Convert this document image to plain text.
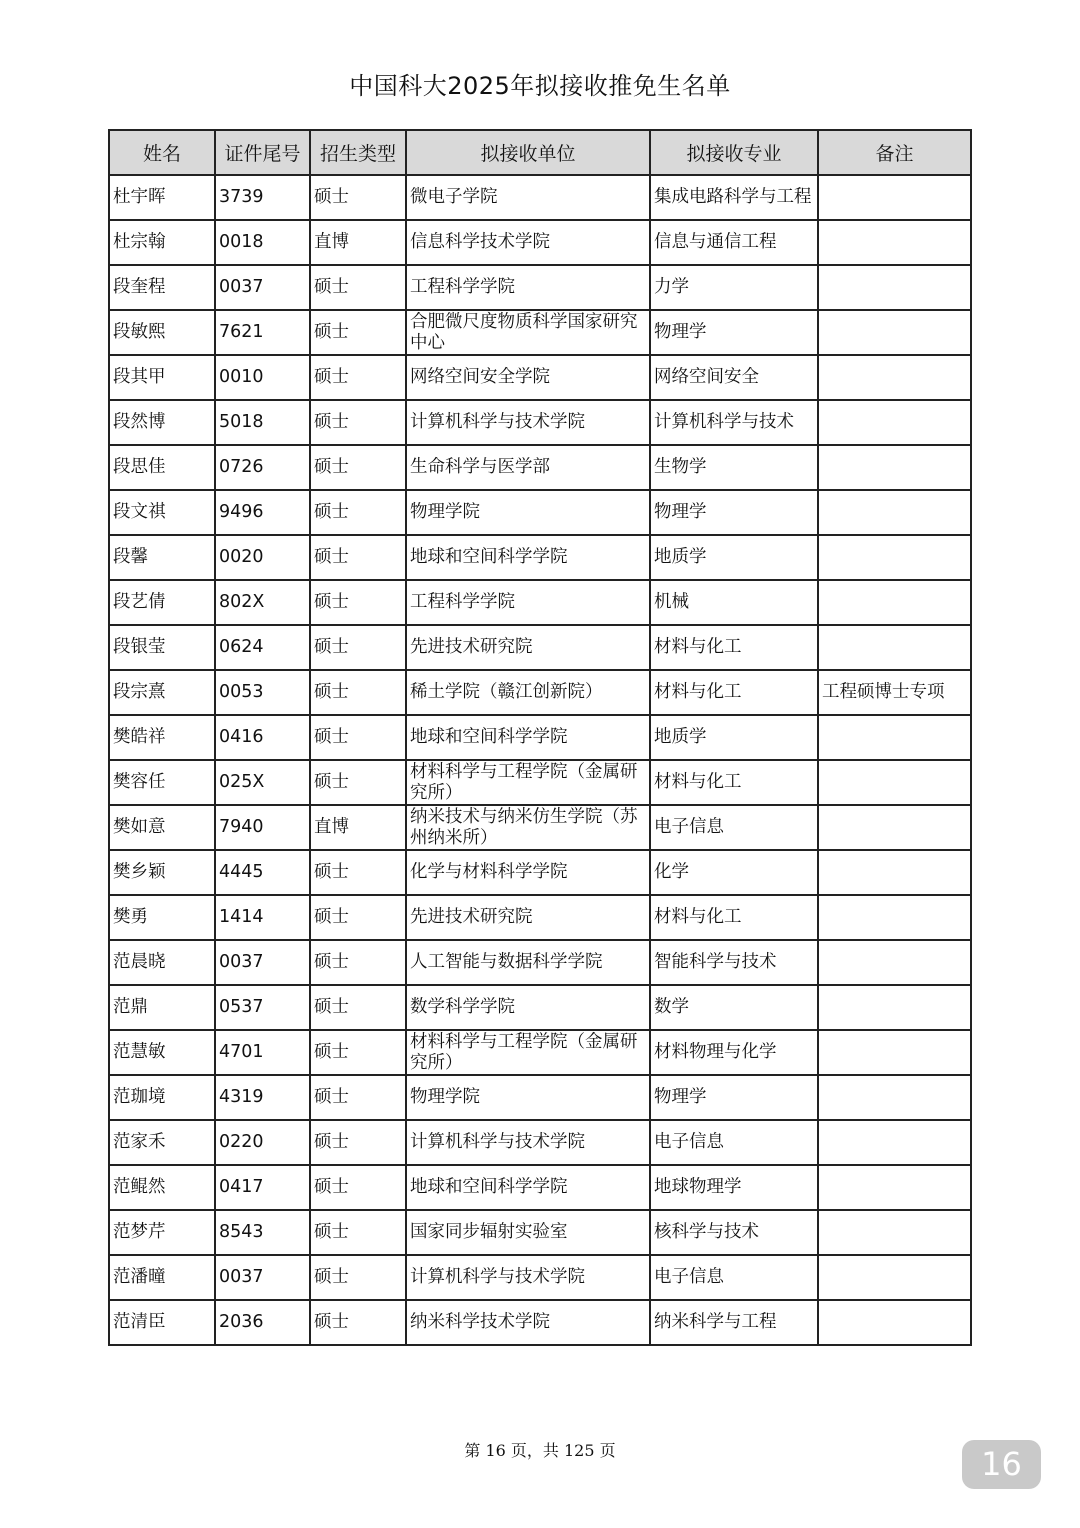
中国科大2025年拟接收推免生名单
姓名	证件尾号	招生类型	拟接收单位	拟接收专业	备注
杜宇晖	3739	硕士	微电子学院	集成电路科学与工程	
杜宗翰	0018	直博	信息科学技术学院	信息与通信工程	
段奎程	0037	硕士	工程科学学院	力学	
段敏熙	7621	硕士	合肥微尺度物质科学国家研究中心	物理学	
段其甲	0010	硕士	网络空间安全学院	网络空间安全	
段然博	5018	硕士	计算机科学与技术学院	计算机科学与技术	
段思佳	0726	硕士	生命科学与医学部	生物学	
段文祺	9496	硕士	物理学院	物理学	
段馨	0020	硕士	地球和空间科学学院	地质学	
段艺倩	802X	硕士	工程科学学院	机械	
段银莹	0624	硕士	先进技术研究院	材料与化工	
段宗熹	0053	硕士	稀土学院（赣江创新院）	材料与化工	工程硕博士专项
樊皓祥	0416	硕士	地球和空间科学学院	地质学	
樊容任	025X	硕士	材料科学与工程学院（金属研究所）	材料与化工	
樊如意	7940	直博	纳米技术与纳米仿生学院（苏州纳米所）	电子信息	
樊乡颖	4445	硕士	化学与材料科学学院	化学	
樊勇	1414	硕士	先进技术研究院	材料与化工	
范晨晓	0037	硕士	人工智能与数据科学学院	智能科学与技术	
范鼎	0537	硕士	数学科学学院	数学	
范慧敏	4701	硕士	材料科学与工程学院（金属研究所）	材料物理与化学	
范珈境	4319	硕士	物理学院	物理学	
范家禾	0220	硕士	计算机科学与技术学院	电子信息	
范鲲然	0417	硕士	地球和空间科学学院	地球物理学	
范梦芹	8543	硕士	国家同步辐射实验室	核科学与技术	
范潘曈	0037	硕士	计算机科学与技术学院	电子信息	
范清臣	2036	硕士	纳米科学技术学院	纳米科学与工程	
第 16 页，共 125 页	16
